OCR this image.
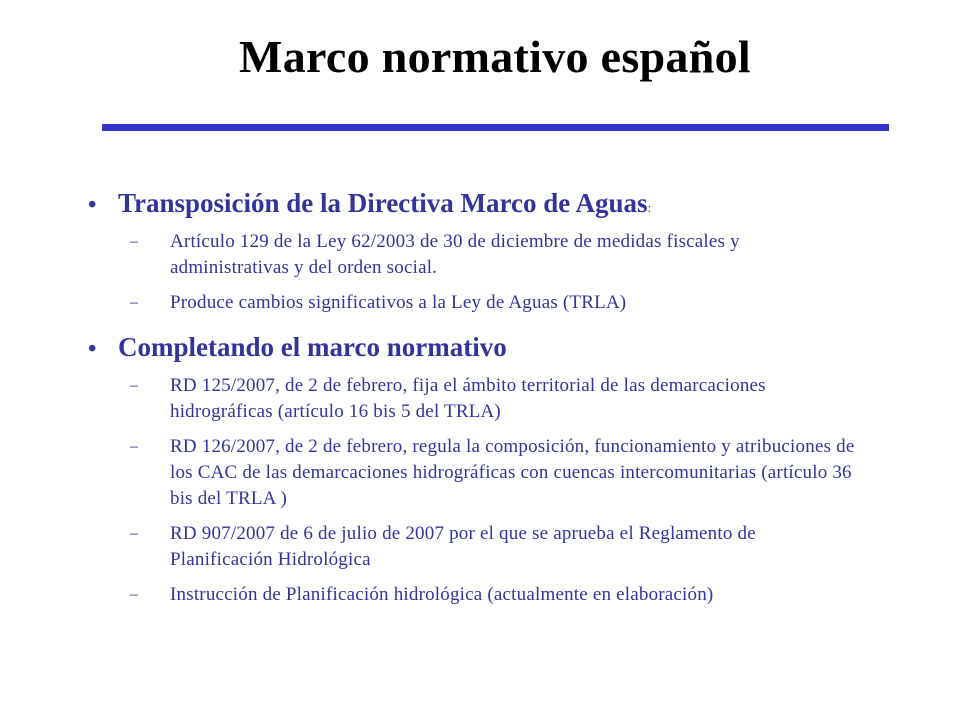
Marco normativo español
• Transposición de la Directiva Marco de Aguas:
–	Artículo 129 de la Ley 62/2003 de 30 de diciembre de medidas fiscales y administrativas y del orden social.
–	Produce cambios significativos a la Ley de Aguas (TRLA)
• Completando el marco normativo
–	RD 125/2007, de 2 de febrero, fija el ámbito territorial de las demarcaciones hidrográficas (artículo 16 bis 5 del TRLA)
–	RD 126/2007, de 2 de febrero, regula la composición, funcionamiento y atribuciones de los CAC de las demarcaciones hidrográficas con cuencas intercomunitarias (artículo 36 bis del TRLA )
–	RD 907/2007 de 6 de julio de 2007 por el que se aprueba el Reglamento de Planificación Hidrológica
–	Instrucción de Planificación hidrológica (actualmente en elaboración)
